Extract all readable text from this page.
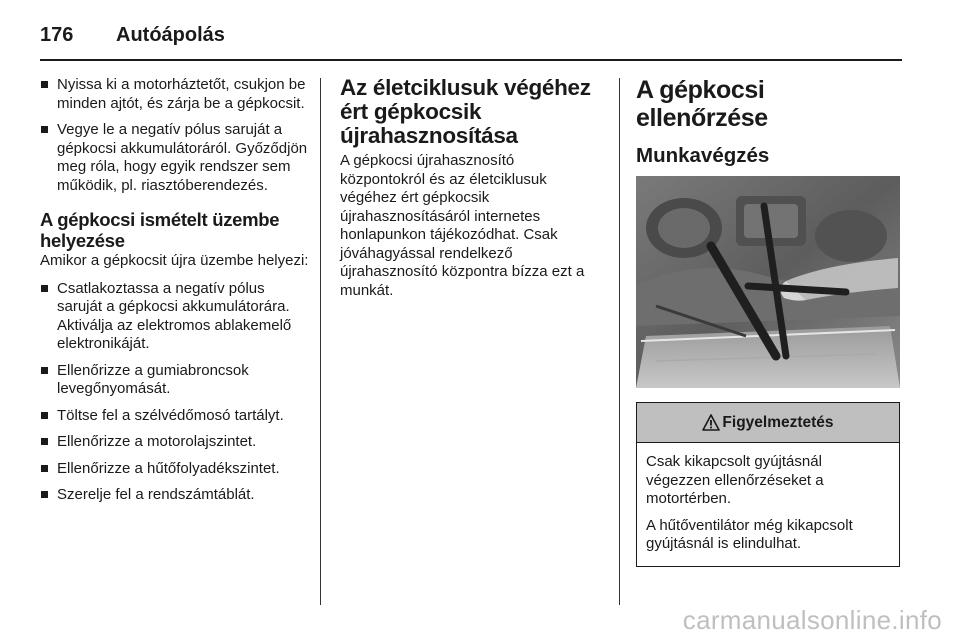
176	Autóápolás
Nyissa ki a motorháztetőt, csukjon be minden ajtót, és zárja be a gépkocsit.
Vegye le a negatív pólus saruját a gépkocsi akkumulátoráról. Győződjön meg róla, hogy egyik rendszer sem működik, pl. riasztóberendezés.
A gépkocsi ismételt üzembe helyezése

Amikor a gépkocsit újra üzembe helyezi:

Csatlakoztassa a negatív pólus saruját a gépkocsi akkumulátorára. Aktiválja az elektromos ablakemelő elektronikáját.
Ellenőrizze a gumiabroncsok levegőnyomását.
Töltse fel a szélvédőmosó tartályt.
Ellenőrizze a motorolajszintet.
Ellenőrizze a hűtőfolyadékszintet.
Szerelje fel a rendszámtáblát.
Az életciklusuk végéhez ért gépkocsik újrahasznosítása

A gépkocsi újrahasznosító központokról és az életciklusuk végéhez ért gépkocsik újrahasznosításáról internetes honlapunkon tájékozódhat. Csak jóváhagyással rendelkező újrahasznosító központra bízza ezt a munkát.

A gépkocsi ellenőrzése
Munkavégzés
Figyelmeztetés

Csak kikapcsolt gyújtásnál végezzen ellenőrzéseket a motortérben.

A hűtőventilátor még kikapcsolt gyújtásnál is elindulhat.

carmanualsonline.info
